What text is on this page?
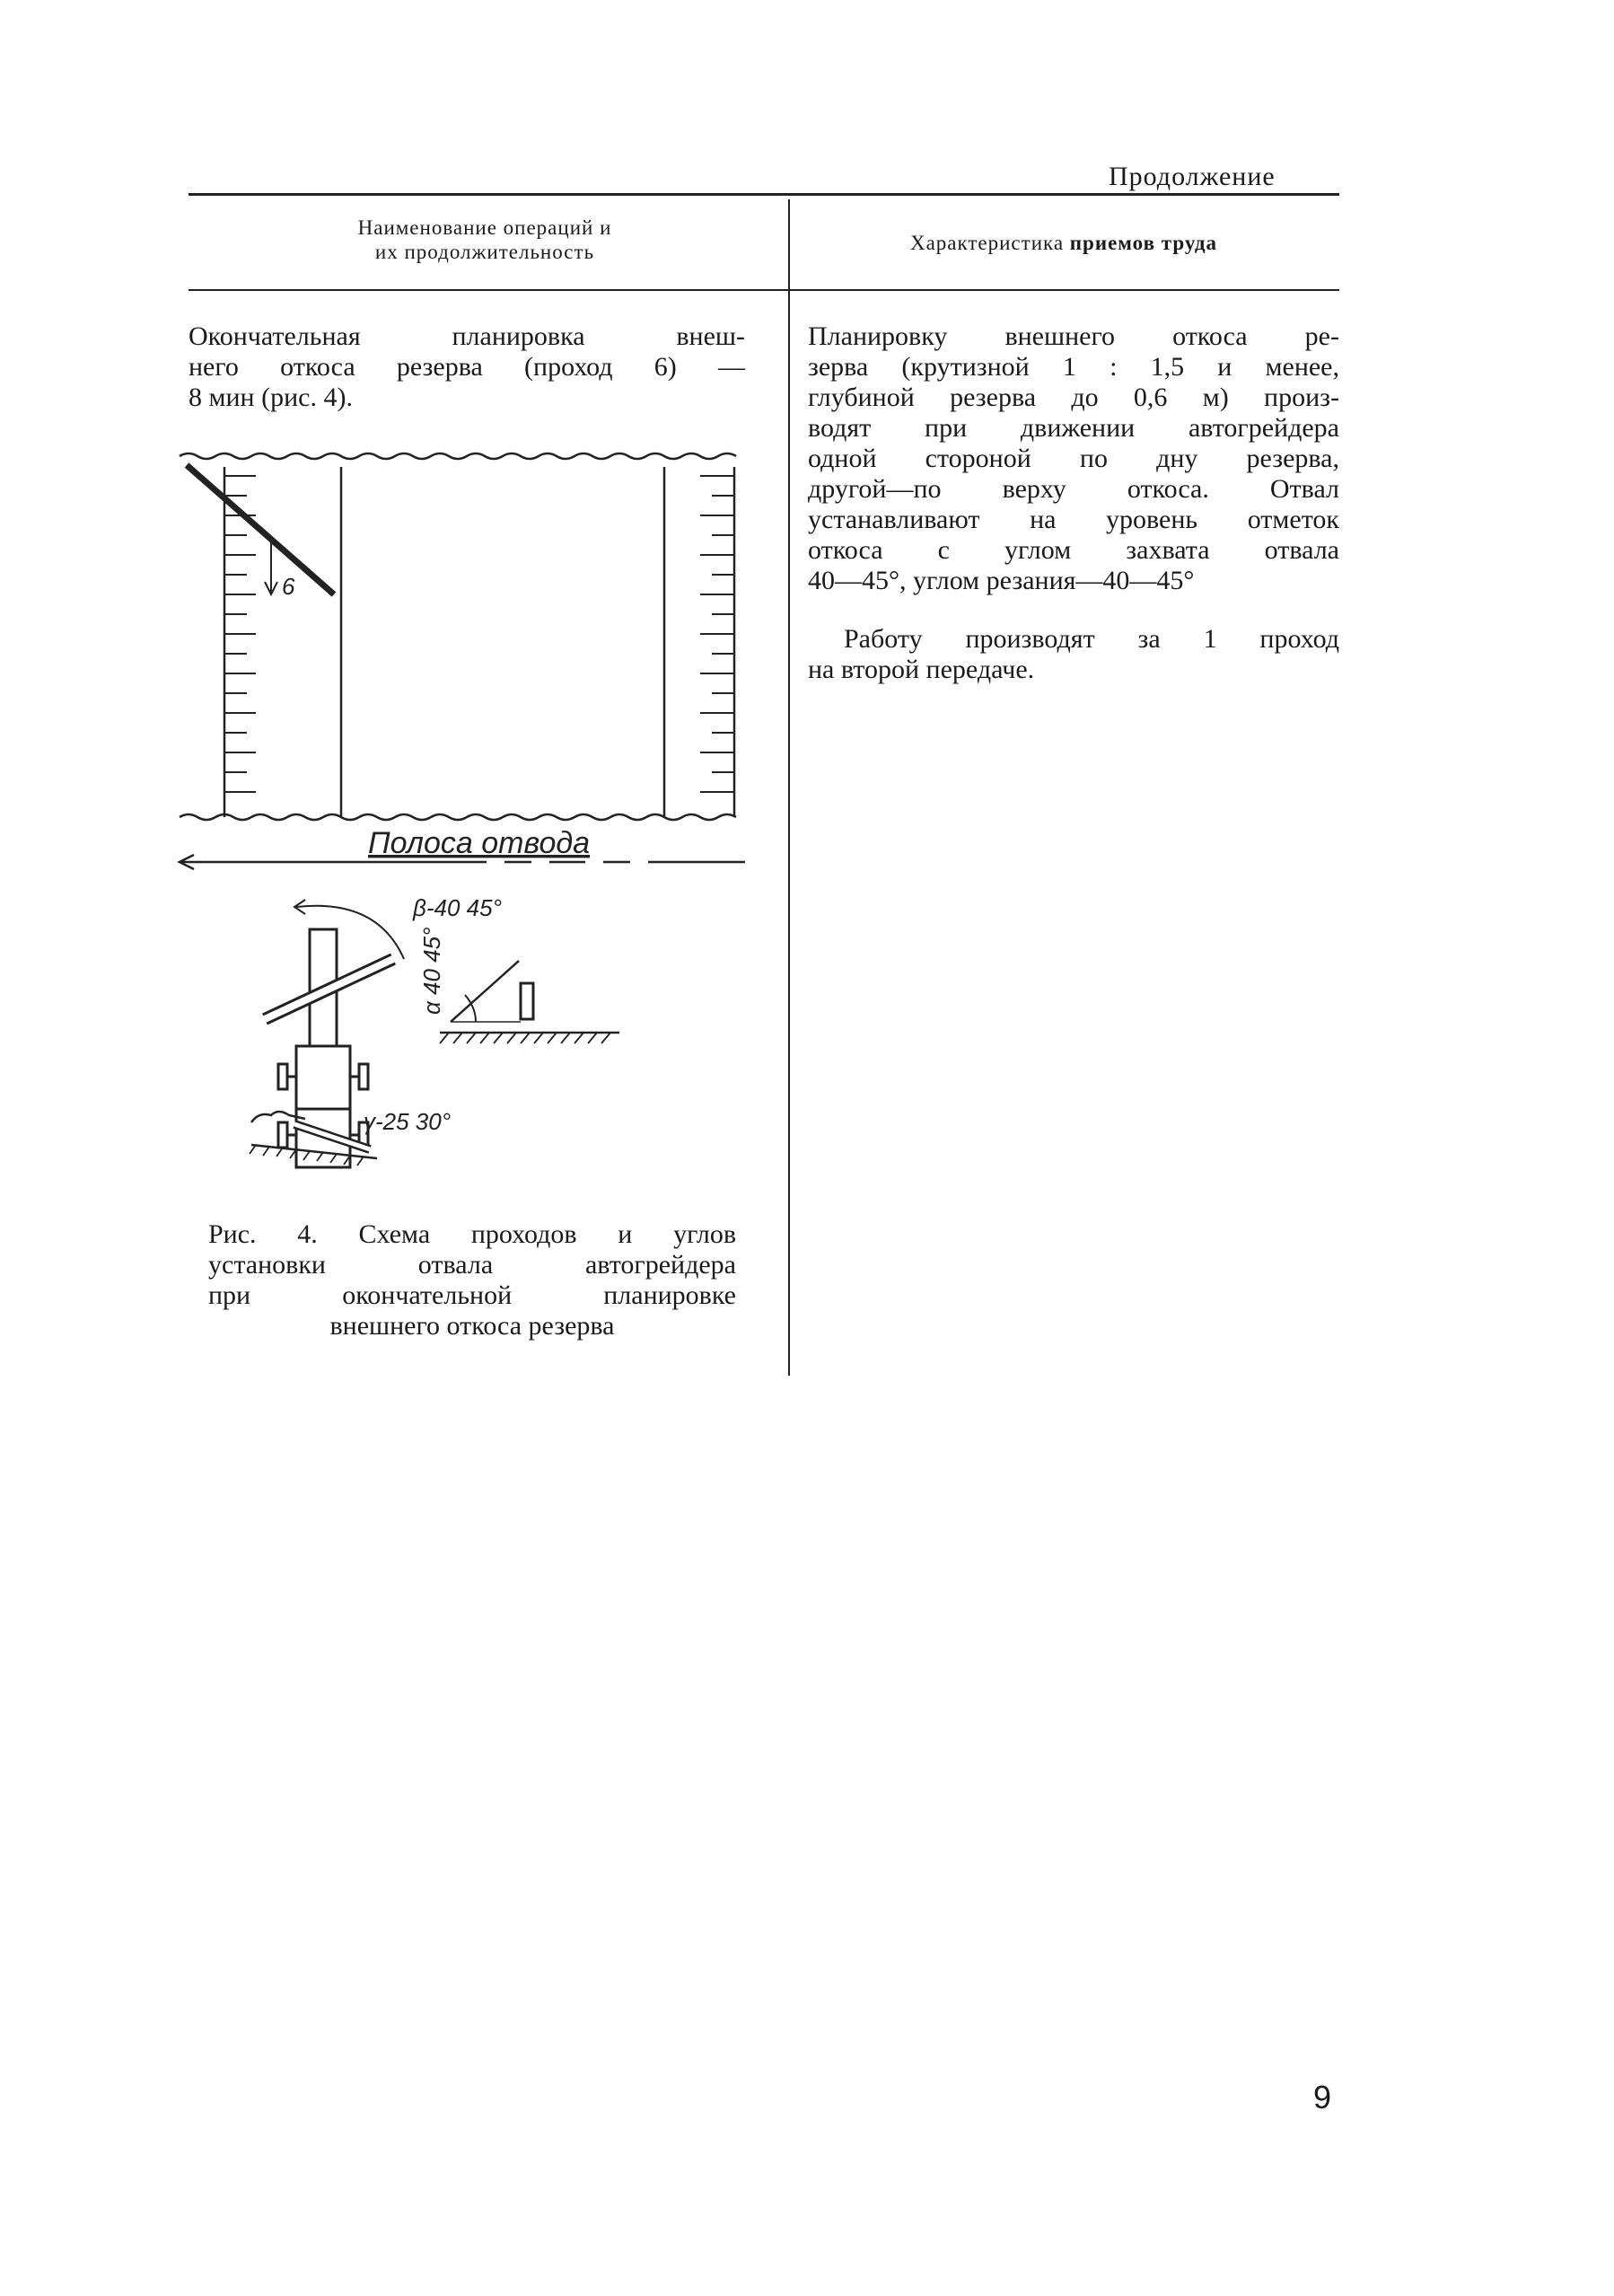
Продолжение
Наименование операций и
их продолжительность	Характеристика приемов труда
Окончательная планировка внеш-
него откоса резерва (проход 6) —
8 мин (рис. 4).
Планировку внешнего откоса ре-
зерва (крутизной 1 : 1,5 и менее,
глубиной резерва до 0,6 м) произ-
водят при движении автогрейдера
одной стороной по дну резерва,
другой—по верху откоса. Отвал
устанавливают на уровень отметок
откоса с углом захвата отвала
40—45°, углом резания—40—45°
Работу производят за 1 проход
на второй передаче.
6
Полоса отвода
β-40 45°
α 40 45°
γ-25 30°
Рис. 4. Схема проходов и углов
установки отвала автогрейдера
при окончательной планировке
внешнего откоса резерва
9
